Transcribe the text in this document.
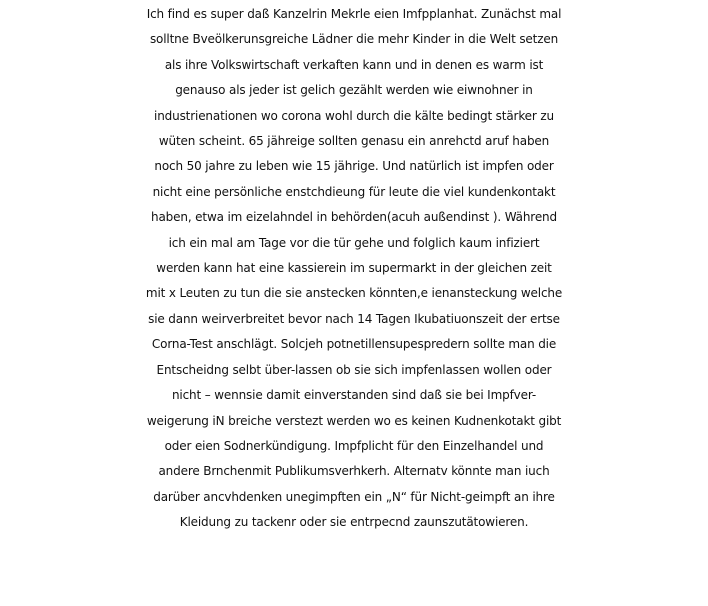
Ich find es super daß Kanzelrin Mekrle eien Imfpplanhat. Zunächst mal
solltne Bveölkerunsgreiche Lädner die mehr Kinder in die Welt setzen
als ihre Volkswirtschaft verkaften kann und in denen es warm ist
genauso als jeder ist gelich gezählt werden wie eiwnohner in
industrienationen wo corona wohl durch die kälte bedingt stärker zu
wüten scheint. 65 jähreige sollten genasu ein anrehctd aruf haben
noch 50 jahre zu leben wie 15 jährige. Und natürlich ist impfen oder
nicht eine persönliche enstchdieung für leute die viel kundenkontakt
haben, etwa im eizelahndel in behörden(acuh außendinst ). Während
ich ein mal am Tage vor die tür gehe und folglich kaum infiziert
werden kann hat eine kassierein im supermarkt in der gleichen zeit
mit x Leuten zu tun die sie anstecken könnten,e ienansteckung welche
sie dann weirverbreitet bevor nach 14 Tagen Ikubatiuonszeit der ertse
Corna-Test anschlägt. Solcjeh potnetillensupespredern sollte man die
Entscheidng selbt über-lassen ob sie sich impfenlassen wollen oder
nicht – wennsie damit einverstanden sind daß sie bei Impfver-
weigerung iN breiche verstezt werden wo es keinen Kudnenkotakt gibt
oder eien Sodnerkündigung. Impfplicht für den Einzelhandel und
andere Brnchenmit Publikumsverhkerh. Alternatv könnte man iuch
darüber ancvhdenken unegimpften ein „N“ für Nicht-geimpft an ihre
Kleidung zu tackenr oder sie entrpecnd zaunszutätowieren.
